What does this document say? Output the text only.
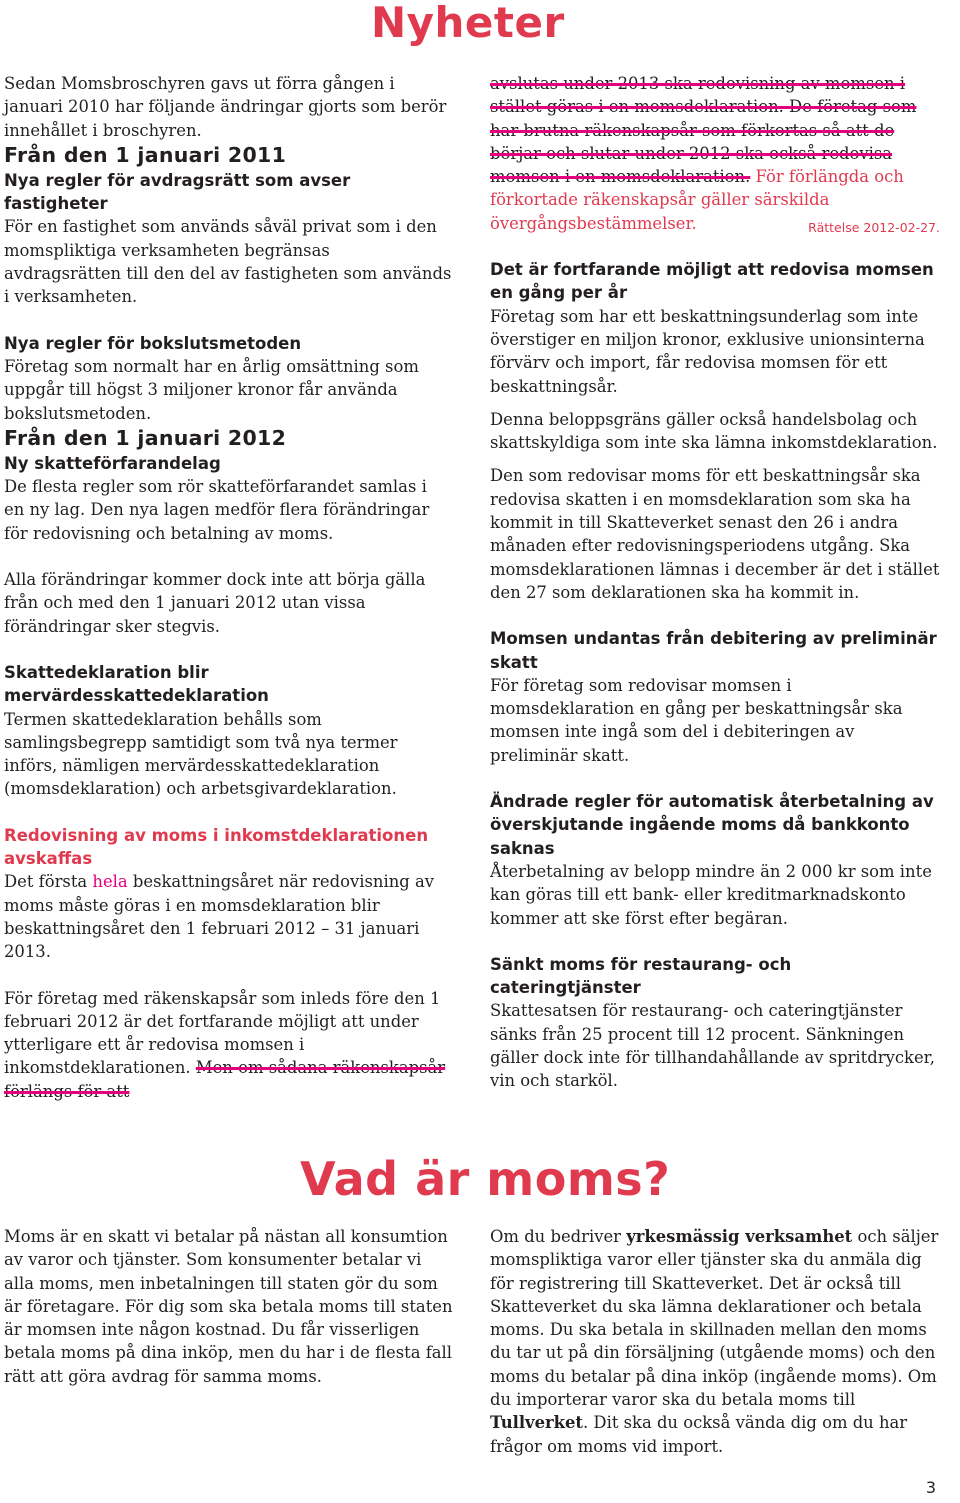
Nyheter

Sedan Momsbroschyren gavs ut förra gången i januari 2010 har följande ändringar gjorts som berör innehållet i broschyren.

Från den 1 januari 2011
Nya regler för avdragsrätt som avser fastigheter

För en fastighet som används såväl privat som i den momspliktiga verksamheten begränsas avdragsrätten till den del av fastigheten som används i verksamheten.

Nya regler för bokslutsmetoden

Företag som normalt har en årlig omsättning som uppgår till högst 3 miljoner kronor får använda bokslutsmetoden.

Från den 1 januari 2012
Ny skatteförfarandelag

De flesta regler som rör skatteförfarandet samlas i en ny lag. Den nya lagen medför flera förändringar för redovisning och betalning av moms.

Alla förändringar kommer dock inte att börja gälla från och med den 1 januari 2012 utan vissa förändringar sker stegvis.

Skattedeklaration blir mervärdesskattedeklaration

Termen skattedeklaration behålls som samlingsbegrepp samtidigt som två nya termer införs, nämligen mervärdesskattedeklaration (momsdeklaration) och arbetsgivardeklaration.

Redovisning av moms i inkomstdeklarationen avskaffas

Det första hela beskattningsåret när redovisning av moms måste göras i en momsdeklaration blir beskattningsåret den 1 februari 2012 – 31 januari 2013.

För företag med räkenskapsår som inleds före den 1 februari 2012 är det fortfarande möjligt att under ytterligare ett år redovisa momsen i inkomstdeklarationen. Men om sådana räkenskapsår förlängs för att

avslutas under 2013 ska redovisning av momsen i stället göras i en momsdeklaration. De företag som har brutna räkenskapsår som förkortas så att de börjar och slutar under 2012 ska också redovisa momsen i en momsdeklaration. För förlängda och förkortade räkenskapsår gäller särskilda övergångsbestämmelser.	Rättelse 2012-02-27.

Det är fortfarande möjligt att redovisa momsen en gång per år

Företag som har ett beskattningsunderlag som inte överstiger en miljon kronor, exklusive unionsinterna förvärv och import, får redovisa momsen för ett beskattningsår.

Denna beloppsgräns gäller också handelsbolag och skattskyldiga som inte ska lämna inkomstdeklaration.

Den som redovisar moms för ett beskattningsår ska redovisa skatten i en momsdeklaration som ska ha kommit in till Skatteverket senast den 26 i andra månaden efter redovisningsperiodens utgång. Ska momsdeklarationen lämnas i december är det i stället den 27 som deklarationen ska ha kommit in.

Momsen undantas från debitering av preliminär skatt

För företag som redovisar momsen i momsdeklaration en gång per beskattningsår ska momsen inte ingå som del i debiteringen av preliminär skatt.

Ändrade regler för automatisk återbetalning av överskjutande ingående moms då bankkonto saknas

Återbetalning av belopp mindre än 2 000 kr som inte kan göras till ett bank- eller kreditmarknadskonto kommer att ske först efter begäran.

Sänkt moms för restaurang- och cateringtjänster

Skattesatsen för restaurang- och cateringtjänster sänks från 25 procent till 12 procent. Sänkningen gäller dock inte för tillhandahållande av spritdrycker, vin och starköl.

Vad är moms?

Moms är en skatt vi betalar på nästan all konsumtion av varor och tjänster. Som konsumenter betalar vi alla moms, men inbetalningen till staten gör du som är företagare. För dig som ska betala moms till staten är momsen inte någon kostnad. Du får visserligen betala moms på dina inköp, men du har i de flesta fall rätt att göra avdrag för samma moms.

Om du bedriver yrkesmässig verksamhet och säljer momspliktiga varor eller tjänster ska du anmäla dig för registrering till Skatteverket. Det är också till Skatteverket du ska lämna deklarationer och betala moms. Du ska betala in skillnaden mellan den moms du tar ut på din försäljning (utgående moms) och den moms du betalar på dina inköp (ingående moms). Om du importerar varor ska du betala moms till Tullverket. Dit ska du också vända dig om du har frågor om moms vid import.

3
